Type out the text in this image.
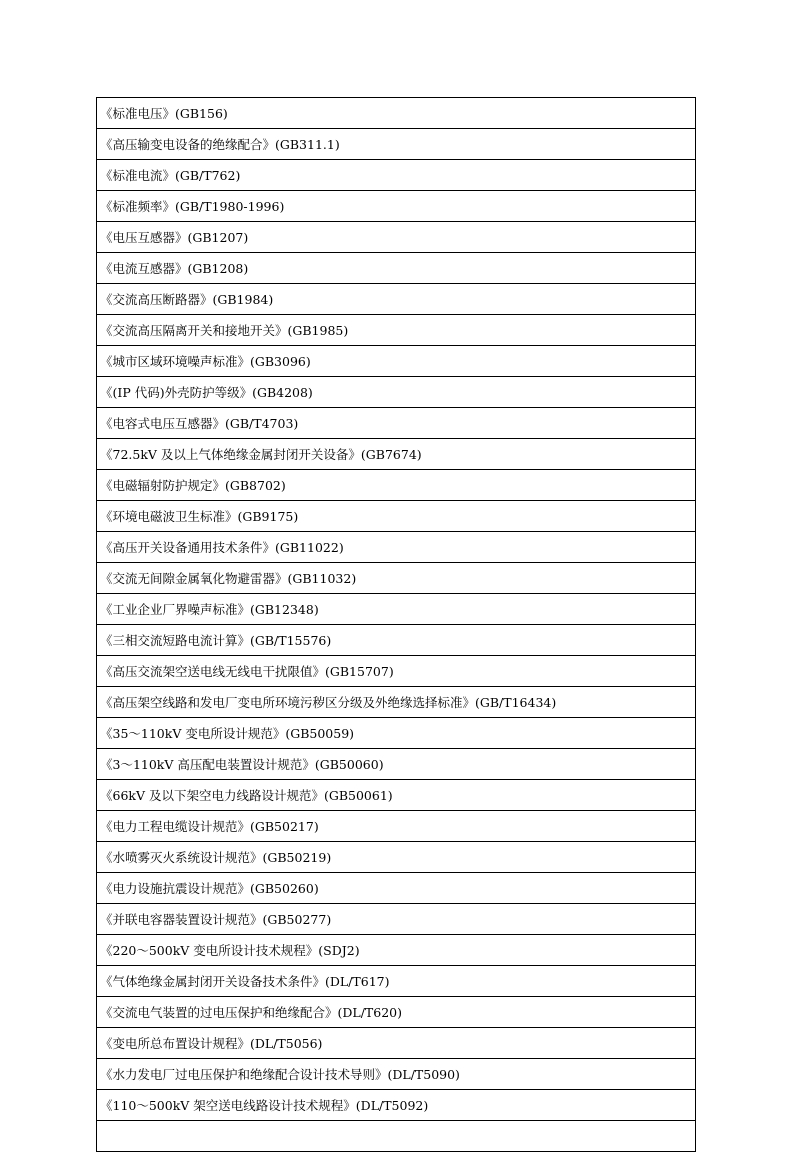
《标准电压》(GB156)
《高压输变电设备的绝缘配合》(GB311.1)
《标准电流》(GB/T762)
《标准频率》(GB/T1980-1996)
《电压互感器》(GB1207)
《电流互感器》(GB1208)
《交流高压断路器》(GB1984)
《交流高压隔离开关和接地开关》(GB1985)
《城市区域环境噪声标准》(GB3096)
《(IP 代码)外壳防护等级》(GB4208)
《电容式电压互感器》(GB/T4703)
《72.5kV 及以上气体绝缘金属封闭开关设备》(GB7674)
《电磁辐射防护规定》(GB8702)
《环境电磁波卫生标准》(GB9175)
《高压开关设备通用技术条件》(GB11022)
《交流无间隙金属氧化物避雷器》(GB11032)
《工业企业厂界噪声标准》(GB12348)
《三相交流短路电流计算》(GB/T15576)
《高压交流架空送电线无线电干扰限值》(GB15707)
《高压架空线路和发电厂变电所环境污秽区分级及外绝缘选择标准》(GB/T16434)
《35～110kV 变电所设计规范》(GB50059)
《3～110kV 高压配电装置设计规范》(GB50060)
《66kV 及以下架空电力线路设计规范》(GB50061)
《电力工程电缆设计规范》(GB50217)
《水喷雾灭火系统设计规范》(GB50219)
《电力设施抗震设计规范》(GB50260)
《并联电容器装置设计规范》(GB50277)
《220～500kV 变电所设计技术规程》(SDJ2)
《气体绝缘金属封闭开关设备技术条件》(DL/T617)
《交流电气装置的过电压保护和绝缘配合》(DL/T620)
《变电所总布置设计规程》(DL/T5056)
《水力发电厂过电压保护和绝缘配合设计技术导则》(DL/T5090)
《110～500kV 架空送电线路设计技术规程》(DL/T5092)
